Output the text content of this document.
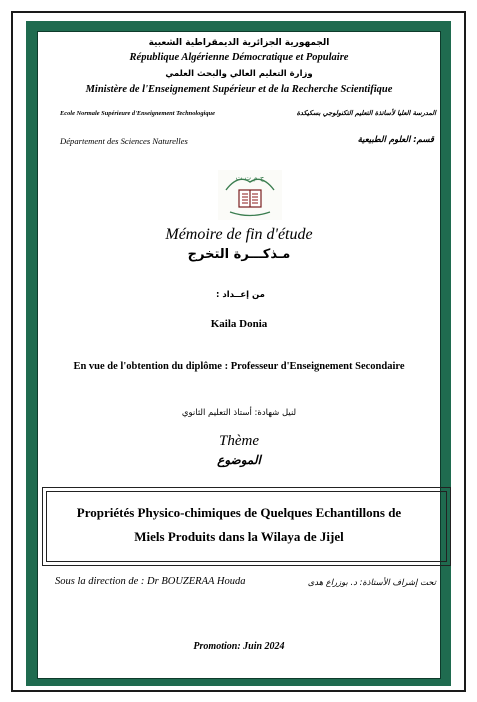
الجمهورية الجزائرية الديمقراطية الشعبية
République Algérienne Démocratique et Populaire
وزارة التعليم العالي والبحث العلمي
Ministère de l'Enseignement Supérieur et de la Recherche Scientifique
Ecole Normale Supérieure d'Enseignement Technologique	المدرسة العليا لأساتذة التعليم التكنولوجي بسكيكدة
Département des Sciences Naturelles	قسم: العلوم الطبيعية
ج م ت ت
Mémoire de fin d'étude
مـذكـــرة التخرج
من إعــداد :
Kaila Donia
En vue de l'obtention du diplôme : Professeur d'Enseignement Secondaire
لنيل شهادة: أستاذ التعليم الثانوي
Thème
الموضوع
Propriétés Physico-chimiques de Quelques Echantillons de
Miels Produits dans la Wilaya de Jijel
Sous la direction de : Dr BOUZERAA Houda	تحت إشراف الأستاذة: د. بوزراع هدى
Promotion: Juin 2024
